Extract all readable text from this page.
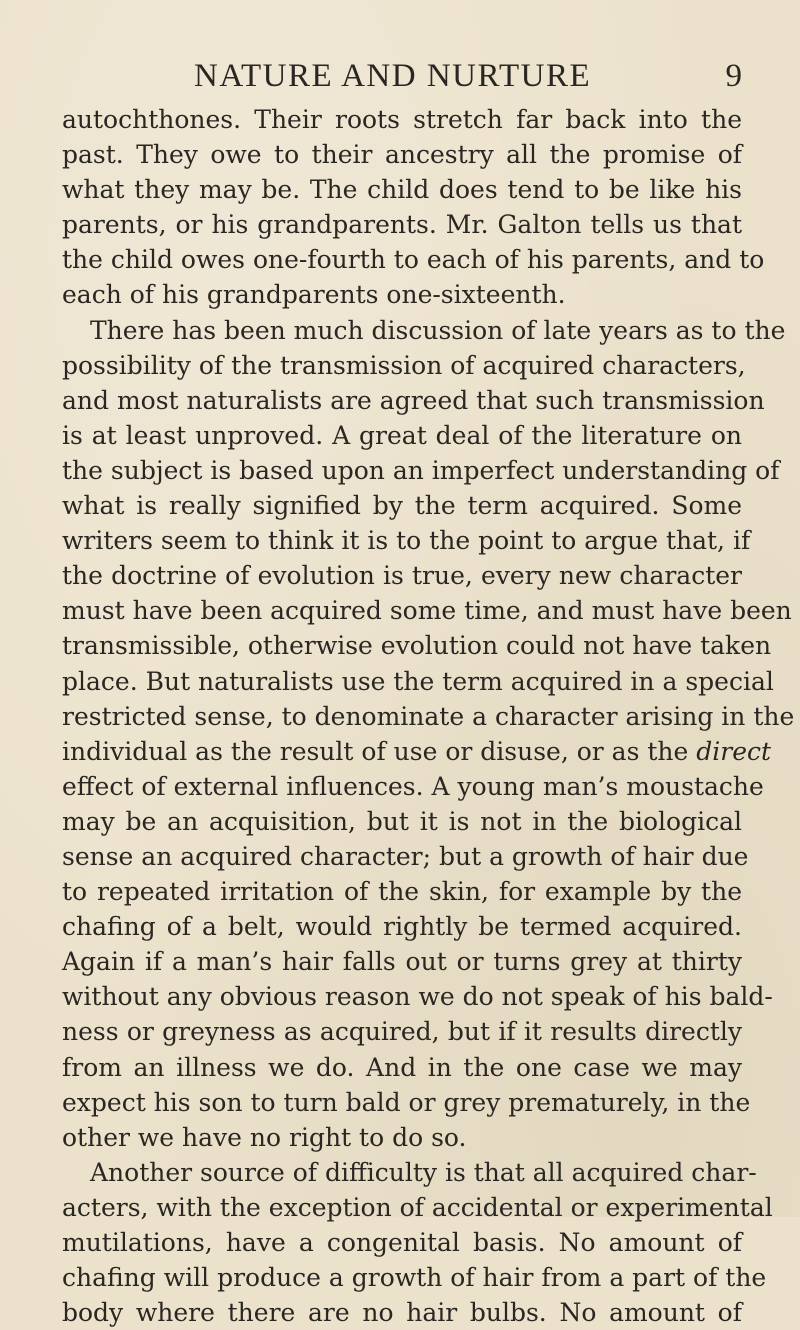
NATURE AND NURTURE	9
autochthones. Their roots stretch far back into the
past. They owe to their ancestry all the promise of
what they may be. The child does tend to be like his
parents, or his grandparents. Mr. Galton tells us that
the child owes one-fourth to each of his parents, and to
each of his grandparents one-sixteenth.
There has been much discussion of late years as to the
possibility of the transmission of acquired characters,
and most naturalists are agreed that such transmission
is at least unproved. A great deal of the literature on
the subject is based upon an imperfect understanding of
what is really signified by the term acquired. Some
writers seem to think it is to the point to argue that, if
the doctrine of evolution is true, every new character
must have been acquired some time, and must have been
transmissible, otherwise evolution could not have taken
place. But naturalists use the term acquired in a special
restricted sense, to denominate a character arising in the
individual as the result of use or disuse, or as the direct
effect of external influences. A young man’s moustache
may be an acquisition, but it is not in the biological
sense an acquired character; but a growth of hair due
to repeated irritation of the skin, for example by the
chafing of a belt, would rightly be termed acquired.
Again if a man’s hair falls out or turns grey at thirty
without any obvious reason we do not speak of his bald-
ness or greyness as acquired, but if it results directly
from an illness we do. And in the one case we may
expect his son to turn bald or grey prematurely, in the
other we have no right to do so.
Another source of difficulty is that all acquired char-
acters, with the exception of accidental or experimental
mutilations, have a congenital basis. No amount of
chafing will produce a growth of hair from a part of the
body where there are no hair bulbs. No amount of
